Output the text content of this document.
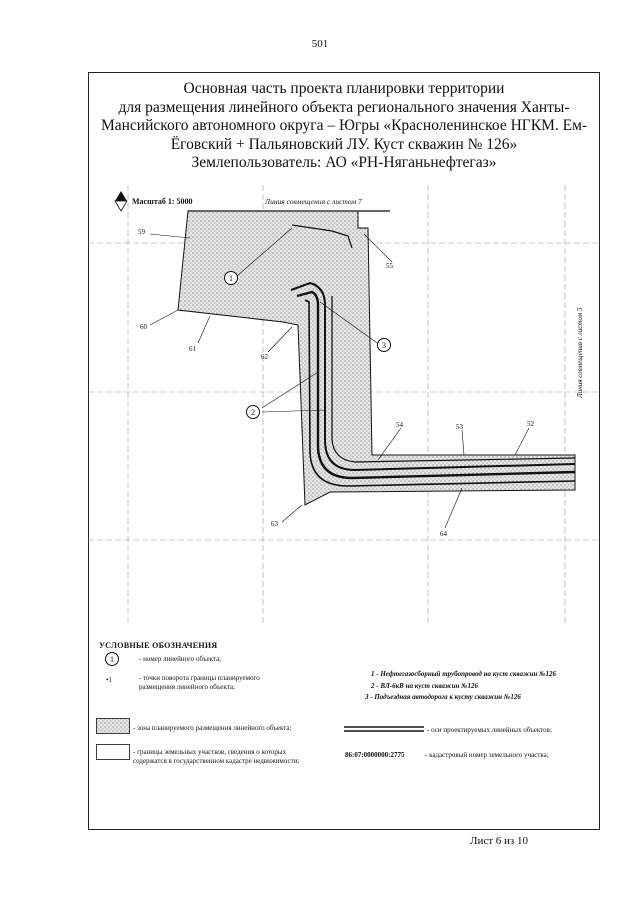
501
Основная часть проекта планировки территории
для размещения линейного объекта регионального значения Ханты-
Мансийского автономного округа – Югры «Красноленинское НГКМ. Ем-
Ёговский + Пальяновский ЛУ. Куст скважин № 126»
Землепользователь: АО «РН-Няганьнефтегаз»
Масштаб 1: 5000	Линия совмещения с листом 7
Линия совмещения с листом 5
59
60
61
62
63
64
52
53
54
55
1
3
2
УСЛОВНЫЕ ОБОЗНАЧЕНИЯ
1	- номер линейного объекта;
•1	- точки поворота границы планируемого
размещения линейного объекта;
1 - Нефтегазосборный трубопровод на куст скважин №126
2 - ВЛ-6кВ на куст скважин №126
3 - Подъездная автодорога к кусту скважин №126
- зона планируемого размещения линейного объекта;	- оси проектируемых линейных объектов;
- границы земельных участков, сведения о которых
содержатся в государственном кадастре недвижимости;
86:07:0000000:2775	- кадастровый номер земельного участка;
Лист 6 из 10
